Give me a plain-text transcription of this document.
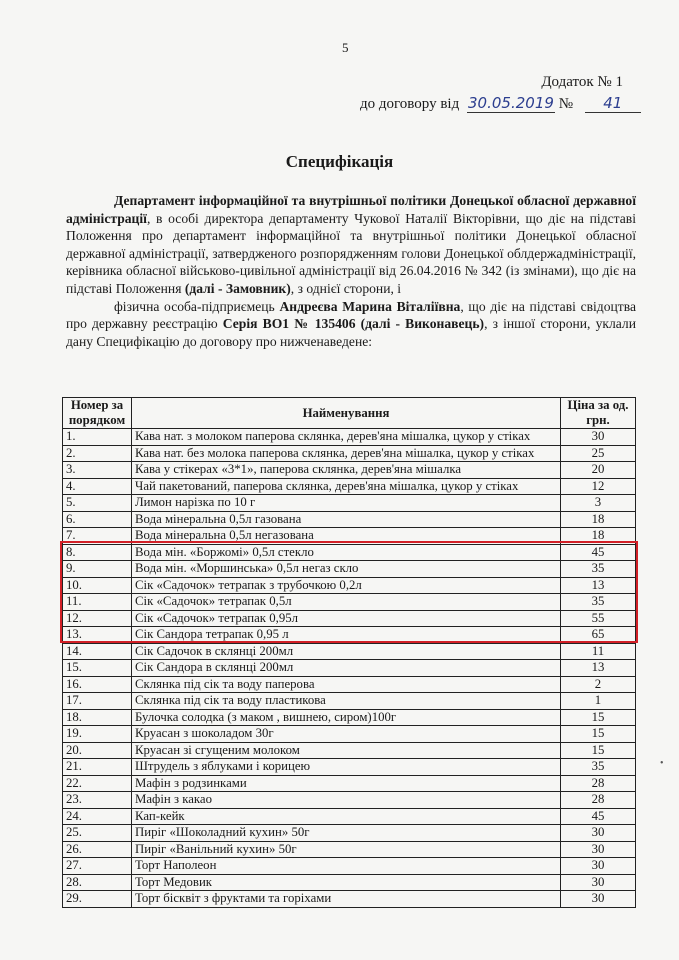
5
Додаток № 1
до договору від 30.05.2019 № 41
Специфікація

Департамент інформаційної та внутрішньої політики Донецької обласної державної адміністрації, в особі директора департаменту Чукової Наталії Вікторівни, що діє на підставі Положення про департамент інформаційної та внутрішньої політики Донецької обласної державної адміністрації, затвердженого розпорядженням голови Донецької облдержадміністрації, керівника обласної військово-цивільної адміністрації від 26.04.2016 № 342 (із змінами), що діє на підставі Положення (далі - Замовник), з однієї сторони, і

фізична особа-підприємець Андреєва Марина Віталіївна, що діє на підставі свідоцтва про державну реєстрацію Серія ВО1 № 135406 (далі - Виконавець), з іншої сторони, уклали дану Специфікацію до договору про нижченаведене:

Номер за порядком	Найменування	Ціна за од. грн.
1.	Кава нат. з молоком паперова склянка, дерев'яна мішалка, цукор у стіках	30
2.	Кава нат. без молока паперова склянка, дерев'яна мішалка, цукор у стіках	25
3.	Кава у стікерах «3*1», паперова склянка, дерев'яна мішалка	20
4.	Чай пакетований, паперова склянка, дерев'яна мішалка, цукор у стіках	12
5.	Лимон нарізка по 10 г	3
6.	Вода мінеральна 0,5л газована	18
7.	Вода мінеральна 0,5л негазована	18
8.	Вода мін. «Боржомі» 0,5л стекло	45
9.	Вода мін. «Моршинська» 0,5л негаз скло	35
10.	Сік «Садочок» тетрапак з трубочкою 0,2л	13
11.	Сік «Садочок» тетрапак 0,5л	35
12.	Сік «Садочок» тетрапак 0,95л	55
13.	Сік Сандора тетрапак 0,95 л	65
14.	Сік Садочок в склянці 200мл	11
15.	Сік Сандора в склянці 200мл	13
16.	Склянка під сік та воду паперова	2
17.	Склянка під сік та воду пластикова	1
18.	Булочка солодка (з маком , вишнею, сиром)100г	15
19.	Круасан з шоколадом 30г	15
20.	Круасан зі сгущеним молоком	15
21.	Штрудель з яблуками і корицею	35
22.	Мафін з родзинками	28
23.	Мафін з какао	28
24.	Кап-кейк	45
25.	Пиріг «Шоколадний кухин» 50г	30
26.	Пиріг «Ванільний кухин» 50г	30
27.	Торт Наполеон	30
28.	Торт Медовик	30
29.	Торт бісквіт з фруктами та горіхами	30
•
